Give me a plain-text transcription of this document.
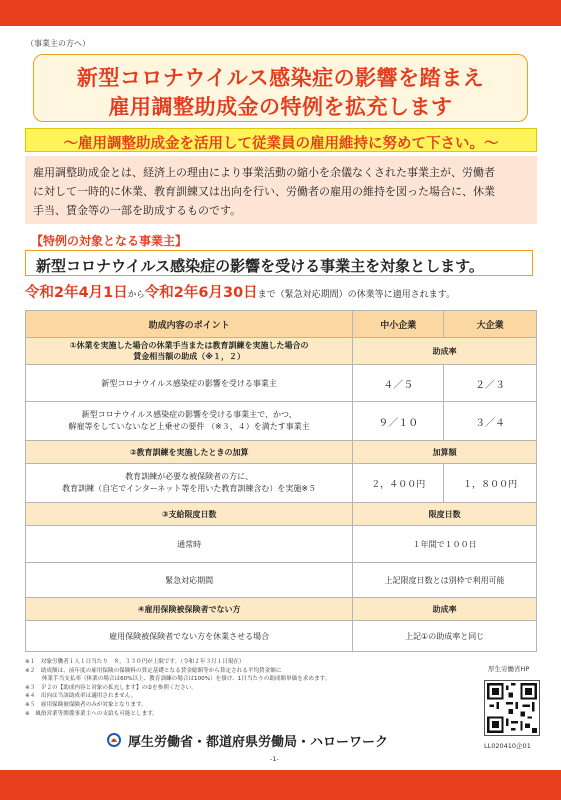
（事業主の方へ）
新型コロナウイルス感染症の影響を踏まえ
雇用調整助成金の特例を拡充します
～雇用調整助成金を活用して従業員の雇用維持に努めて下さい。～
雇用調整助成金とは、経済上の理由により事業活動の縮小を余儀なくされた事業主が、労働者
に対して一時的に休業、教育訓練又は出向を行い、労働者の雇用の維持を図った場合に、休業
手当、賃金等の一部を助成するものです。
【特例の対象となる事業主】
新型コロナウイルス感染症の影響を受ける事業主を対象とします。
令和2年4月1日から令和2年6月30日まで（緊急対応期間）の休業等に適用されます。
助成内容のポイント	中小企業	大企業

①休業を実施した場合の休業手当または教育訓練を実施した場合の
賃金相当額の助成（※１，２）	助成率	
新型コロナウイルス感染症の影響を受ける事業主	４／５	２／３

新型コロナウイルス感染症の影響を受ける事業主で、かつ、
解雇等をしていないなど上乗せの要件 （※３、４）を満たす事業主	９／１０	３／４
②教育訓練を実施したときの加算	加算額	

教育訓練が必要な被保険者の方に、
教育訓練（自宅でインターネット等を用いた教育訓練含む）を実施※５	２，４００円	１，８００円
③支給限度日数	限度日数	
通常時	１年間で１００日	
緊急対応期間	上記限度日数とは別枠で利用可能	
④雇用保険被保険者でない方	助成率	
雇用保険被保険者でない方を休業させる場合	上記①の助成率と同じ	
※１　対象労働者１人１日当たり　８，３３０円が上限です。（令和２年３月１日現在）
※２　助成額は、前年度の雇用保険の保険料の算定基礎となる賃金総額等から算定される平均賃金額に
　　　休業手当支払率（休業の場合は60%以上、教育訓練の場合は100%）を掛け、1日当たりの助成額単価を求めます。
※３　Ｐ２の【助成内容と対象の拡充します】の②を参照ください。
※４　出向は当該助成率は適用されません。
※５　雇用保険被保険者のみが対象となります。
※　風俗営業等関係事業主への支給も可能とします。
厚生労働省HP
厚生労働省・都道府県労働局・ハローワーク	LL020410企01
-1-
